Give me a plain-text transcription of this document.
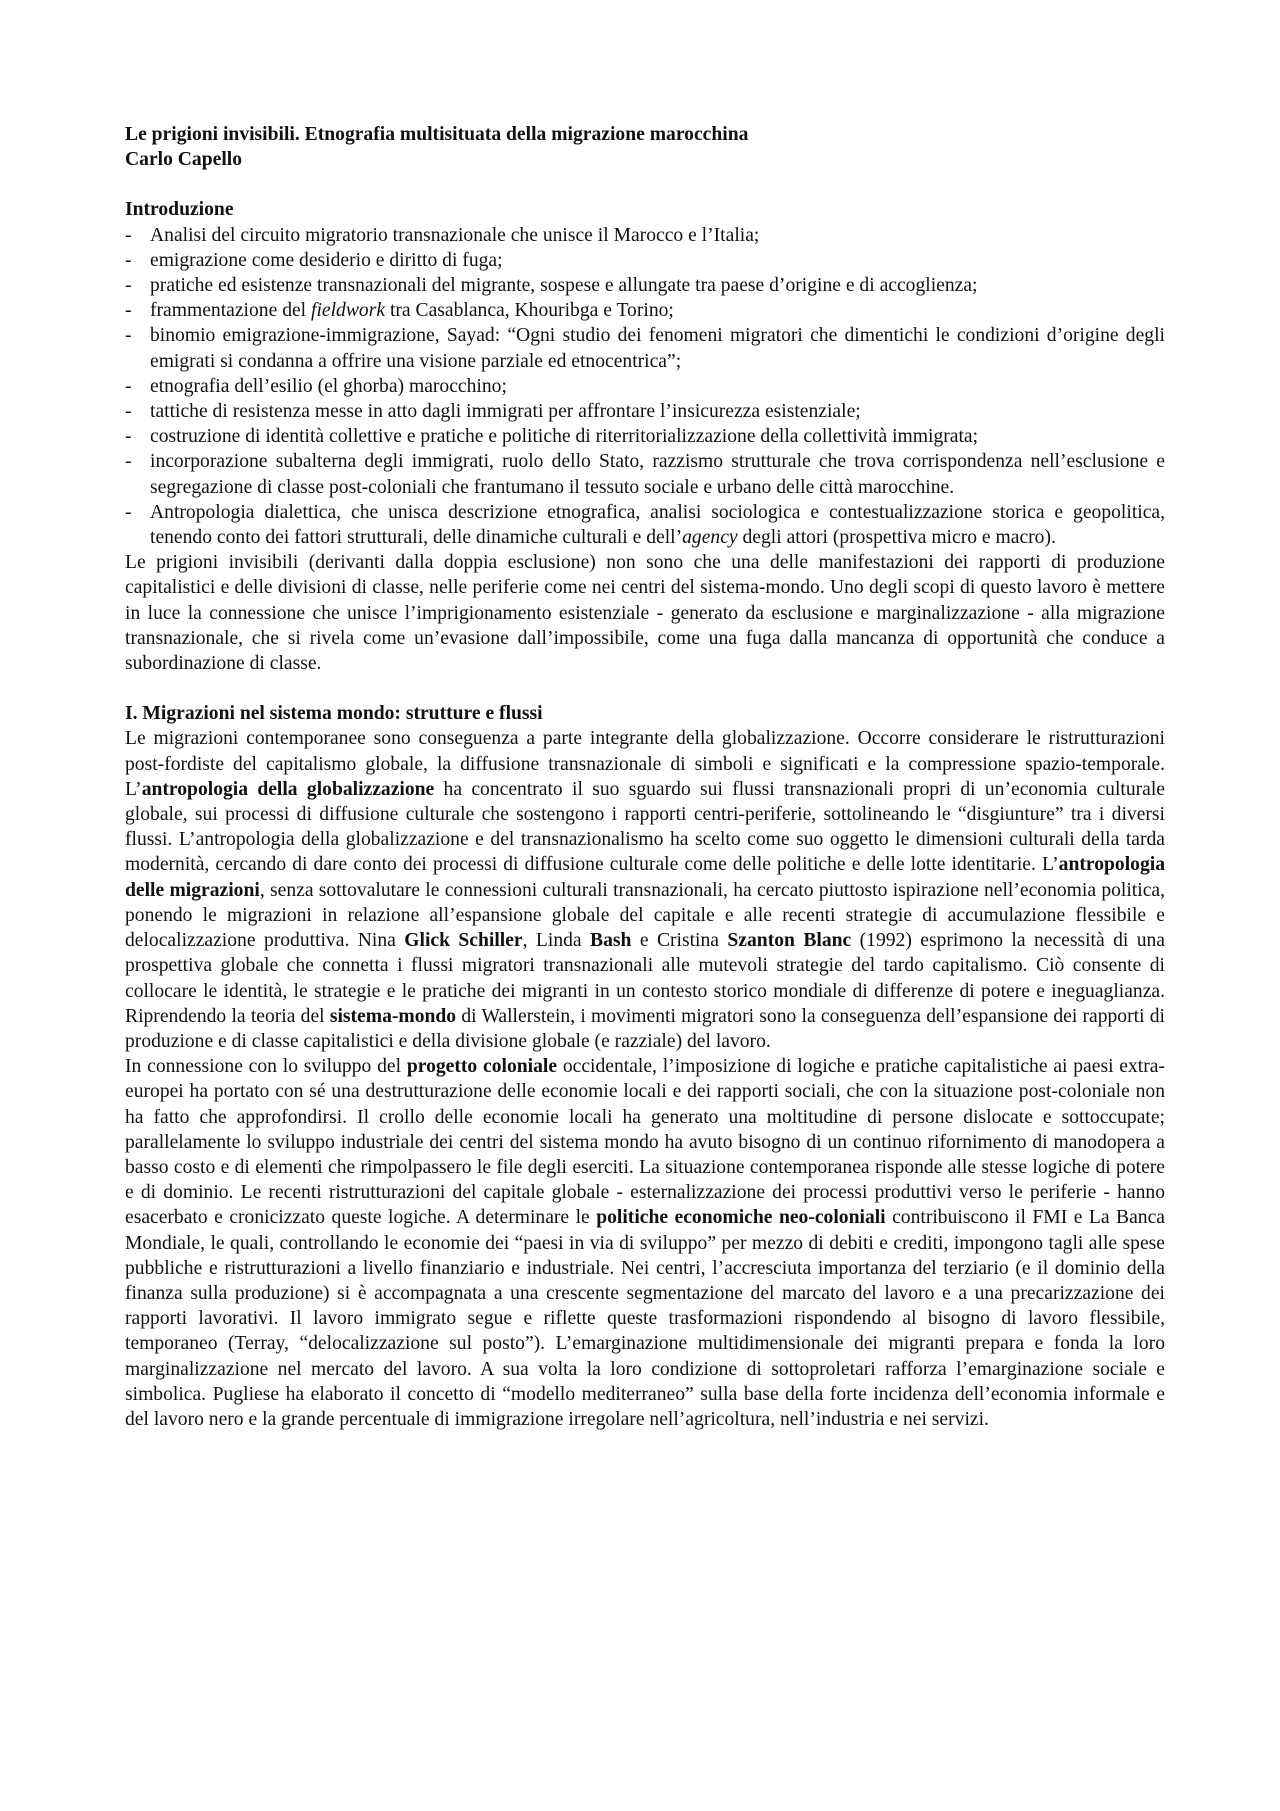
Le prigioni invisibili. Etnografia multisituata della migrazione marocchina
Carlo Capello
Introduzione
- Analisi del circuito migratorio transnazionale che unisce il Marocco e l’Italia;
- emigrazione come desiderio e diritto di fuga;
- pratiche ed esistenze transnazionali del migrante, sospese e allungate tra paese d’origine e di accoglienza;
- frammentazione del fieldwork tra Casablanca, Khouribga e Torino;
- binomio emigrazione-immigrazione, Sayad: “Ogni studio dei fenomeni migratori che dimentichi le condizioni d’origine degli emigrati si condanna a offrire una visione parziale ed etnocentrica”;
- etnografia dell’esilio (el ghorba) marocchino;
- tattiche di resistenza messe in atto dagli immigrati per affrontare l’insicurezza esistenziale;
- costruzione di identità collettive e pratiche e politiche di riterritorializzazione della collettività immigrata;
- incorporazione subalterna degli immigrati, ruolo dello Stato, razzismo strutturale che trova corrispondenza nell’esclusione e segregazione di classe post-coloniali che frantumano il tessuto sociale e urbano delle città marocchine.
- Antropologia dialettica, che unisca descrizione etnografica, analisi sociologica e contestualizzazione storica e geopolitica, tenendo conto dei fattori strutturali, delle dinamiche culturali e dell’agency degli attori (prospettiva micro e macro).

Le prigioni invisibili (derivanti dalla doppia esclusione) non sono che una delle manifestazioni dei rapporti di produzione capitalistici e delle divisioni di classe, nelle periferie come nei centri del sistema-mondo. Uno degli scopi di questo lavoro è mettere in luce la connessione che unisce l’imprigionamento esistenziale - generato da esclusione e marginalizzazione - alla migrazione transnazionale, che si rivela come un’evasione dall’impossibile, come una fuga dalla mancanza di opportunità che conduce a subordinazione di classe.

I. Migrazioni nel sistema mondo: strutture e flussi

Le migrazioni contemporanee sono conseguenza a parte integrante della globalizzazione. Occorre considerare le ristrutturazioni post-fordiste del capitalismo globale, la diffusione transnazionale di simboli e significati e la compressione spazio-temporale. L’antropologia della globalizzazione ha concentrato il suo sguardo sui flussi transnazionali propri di un’economia culturale globale, sui processi di diffusione culturale che sostengono i rapporti centri-periferie, sottolineando le “disgiunture” tra i diversi flussi. L’antropologia della globalizzazione e del transnazionalismo ha scelto come suo oggetto le dimensioni culturali della tarda modernità, cercando di dare conto dei processi di diffusione culturale come delle politiche e delle lotte identitarie. L’antropologia delle migrazioni, senza sottovalutare le connessioni culturali transnazionali, ha cercato piuttosto ispirazione nell’economia politica, ponendo le migrazioni in relazione all’espansione globale del capitale e alle recenti strategie di accumulazione flessibile e delocalizzazione produttiva. Nina Glick Schiller, Linda Bash e Cristina Szanton Blanc (1992) esprimono la necessità di una prospettiva globale che connetta i flussi migratori transnazionali alle mutevoli strategie del tardo capitalismo. Ciò consente di collocare le identità, le strategie e le pratiche dei migranti in un contesto storico mondiale di differenze di potere e ineguaglianza. Riprendendo la teoria del sistema-mondo di Wallerstein, i movimenti migratori sono la conseguenza dell’espansione dei rapporti di produzione e di classe capitalistici e della divisione globale (e razziale) del lavoro.

In connessione con lo sviluppo del progetto coloniale occidentale, l’imposizione di logiche e pratiche capitalistiche ai paesi extra-europei ha portato con sé una destrutturazione delle economie locali e dei rapporti sociali, che con la situazione post-coloniale non ha fatto che approfondirsi. Il crollo delle economie locali ha generato una moltitudine di persone dislocate e sottoccupate; parallelamente lo sviluppo industriale dei centri del sistema mondo ha avuto bisogno di un continuo rifornimento di manodopera a basso costo e di elementi che rimpolpassero le file degli eserciti. La situazione contemporanea risponde alle stesse logiche di potere e di dominio. Le recenti ristrutturazioni del capitale globale - esternalizzazione dei processi produttivi verso le periferie - hanno esacerbato e cronicizzato queste logiche. A determinare le politiche economiche neo-coloniali contribuiscono il FMI e La Banca Mondiale, le quali, controllando le economie dei “paesi in via di sviluppo” per mezzo di debiti e crediti, impongono tagli alle spese pubbliche e ristrutturazioni a livello finanziario e industriale. Nei centri, l’accresciuta importanza del terziario (e il dominio della finanza sulla produzione) si è accompagnata a una crescente segmentazione del marcato del lavoro e a una precarizzazione dei rapporti lavorativi. Il lavoro immigrato segue e riflette queste trasformazioni rispondendo al bisogno di lavoro flessibile, temporaneo (Terray, “delocalizzazione sul posto”). L’emarginazione multidimensionale dei migranti prepara e fonda la loro marginalizzazione nel mercato del lavoro. A sua volta la loro condizione di sottoproletari rafforza l’emarginazione sociale e simbolica. Pugliese ha elaborato il concetto di “modello mediterraneo” sulla base della forte incidenza dell’economia informale e del lavoro nero e la grande percentuale di immigrazione irregolare nell’agricoltura, nell’industria e nei servizi.
